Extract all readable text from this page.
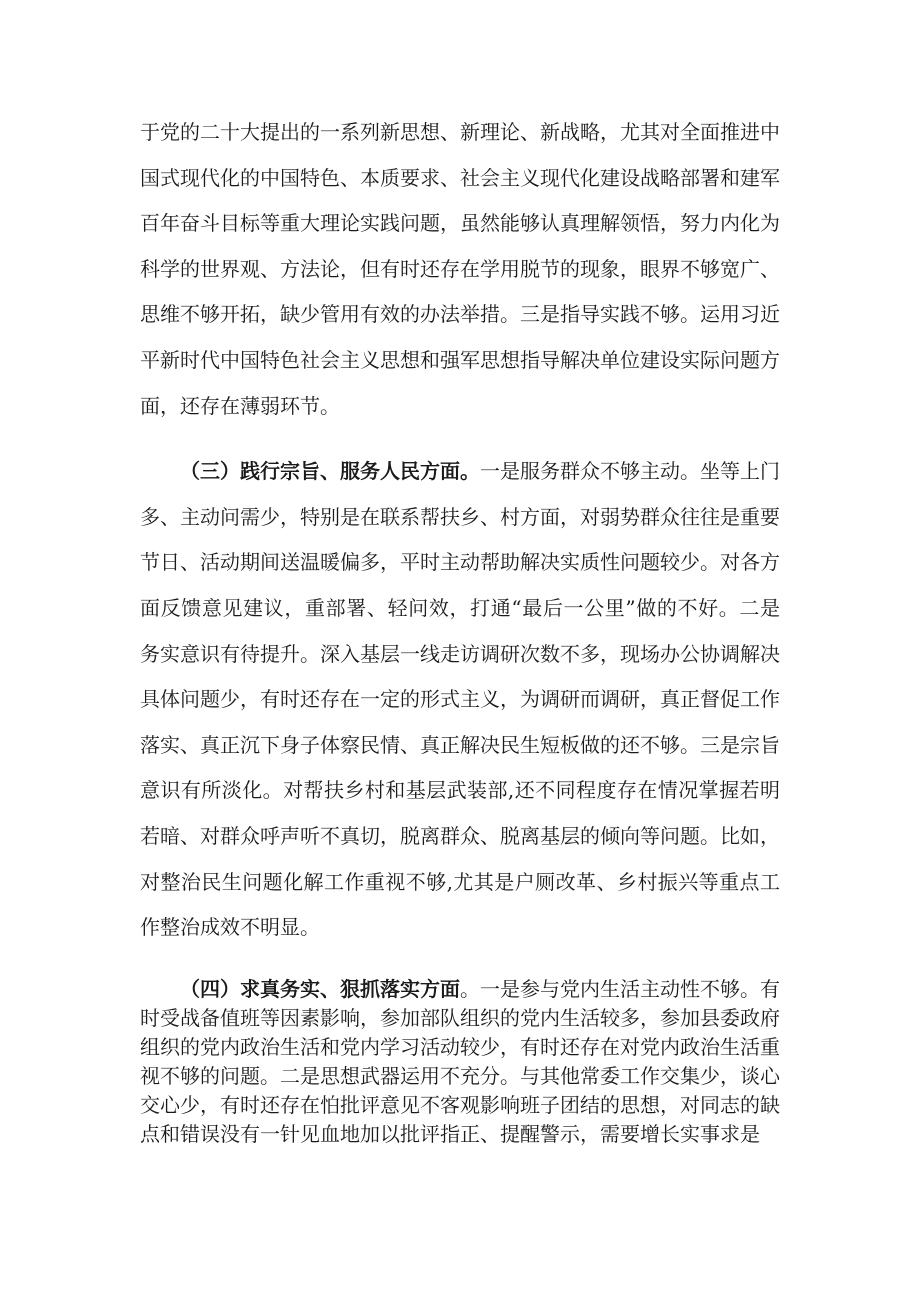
于党的二十大提出的一系列新思想、新理论、新战略，尤其对全面推进中国式现代化的中国特色、本质要求、社会主义现代化建设战略部署和建军百年奋斗目标等重大理论实践问题，虽然能够认真理解领悟，努力内化为科学的世界观、方法论，但有时还存在学用脱节的现象，眼界不够宽广、思维不够开拓，缺少管用有效的办法举措。三是指导实践不够。运用习近平新时代中国特色社会主义思想和强军思想指导解决单位建设实际问题方面，还存在薄弱环节。

（三）践行宗旨、服务人民方面。一是服务群众不够主动。坐等上门多、主动问需少，特别是在联系帮扶乡、村方面，对弱势群众往往是重要节日、活动期间送温暖偏多，平时主动帮助解决实质性问题较少。对各方面反馈意见建议，重部署、轻问效，打通“最后一公里”做的不好。二是务实意识有待提升。深入基层一线走访调研次数不多，现场办公协调解决具体问题少，有时还存在一定的形式主义，为调研而调研，真正督促工作落实、真正沉下身子体察民情、真正解决民生短板做的还不够。三是宗旨意识有所淡化。对帮扶乡村和基层武装部,还不同程度存在情况掌握若明若暗、对群众呼声听不真切，脱离群众、脱离基层的倾向等问题。比如，对整治民生问题化解工作重视不够,尤其是户厕改革、乡村振兴等重点工作整治成效不明显。

（四）求真务实、狠抓落实方面。一是参与党内生活主动性不够。有时受战备值班等因素影响，参加部队组织的党内生活较多，参加县委政府组织的党内政治生活和党内学习活动较少，有时还存在对党内政治生活重视不够的问题。二是思想武器运用不充分。与其他常委工作交集少，谈心交心少，有时还存在怕批评意见不客观影响班子团结的思想，对同志的缺点和错误没有一针见血地加以批评指正、提醒警示，需要增长实事求是
